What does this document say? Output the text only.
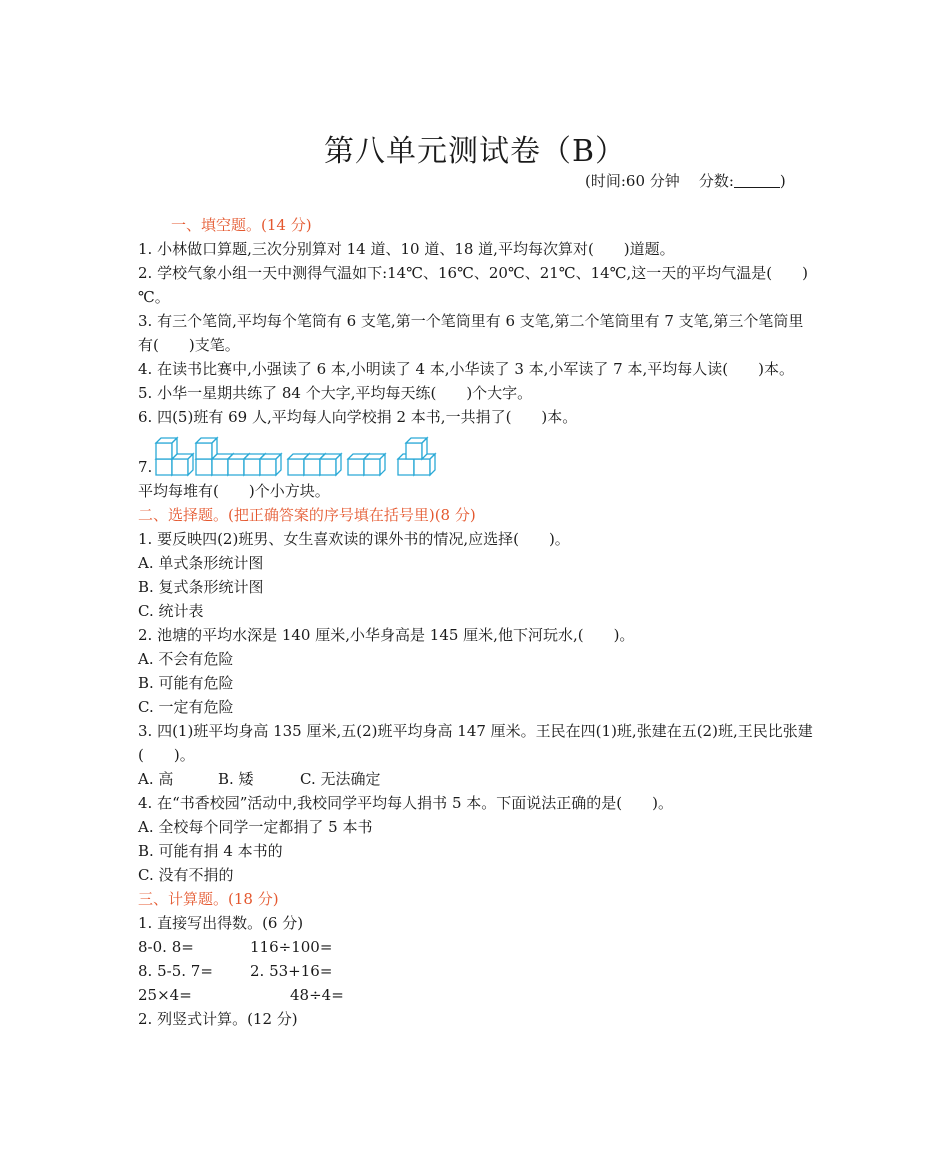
第八单元测试卷（B）
(时间:60 分钟 分数:	)
一、填空题。(14 分)
1. 小林做口算题,三次分别算对 14 道、10 道、18 道,平均每次算对(　　)道题。
2. 学校气象小组一天中测得气温如下:14℃、16℃、20℃、21℃、14℃,这一天的平均气温是(　　)℃。
3. 有三个笔筒,平均每个笔筒有 6 支笔,第一个笔筒里有 6 支笔,第二个笔筒里有 7 支笔,第三个笔筒里有(　　)支笔。
4. 在读书比赛中,小强读了 6 本,小明读了 4 本,小华读了 3 本,小军读了 7 本,平均每人读(　　)本。
5. 小华一星期共练了 84 个大字,平均每天练(　　)个大字。
6. 四(5)班有 69 人,平均每人向学校捐 2 本书,一共捐了(　　)本。
7.
平均每堆有(　　)个小方块。
二、选择题。(把正确答案的序号填在括号里)(8 分)
1. 要反映四(2)班男、女生喜欢读的课外书的情况,应选择(　　)。
A. 单式条形统计图
B. 复式条形统计图
C. 统计表
2. 池塘的平均水深是 140 厘米,小华身高是 145 厘米,他下河玩水,(　　)。
A. 不会有危险
B. 可能有危险
C. 一定有危险
3. 四(1)班平均身高 135 厘米,五(2)班平均身高 147 厘米。王民在四(1)班,张建在五(2)班,王民比张建(　　)。
A. 高	B. 矮	C. 无法确定
4. 在“书香校园”活动中,我校同学平均每人捐书 5 本。下面说法正确的是(　　)。
A. 全校每个同学一定都捐了 5 本书
B. 可能有捐 4 本书的
C. 没有不捐的
三、计算题。(18 分)
1. 直接写出得数。(6 分)
8-0. 8=	116÷100=
8. 5-5. 7= 2. 53+16=
25×4=	48÷4=
2. 列竖式计算。(12 分)
